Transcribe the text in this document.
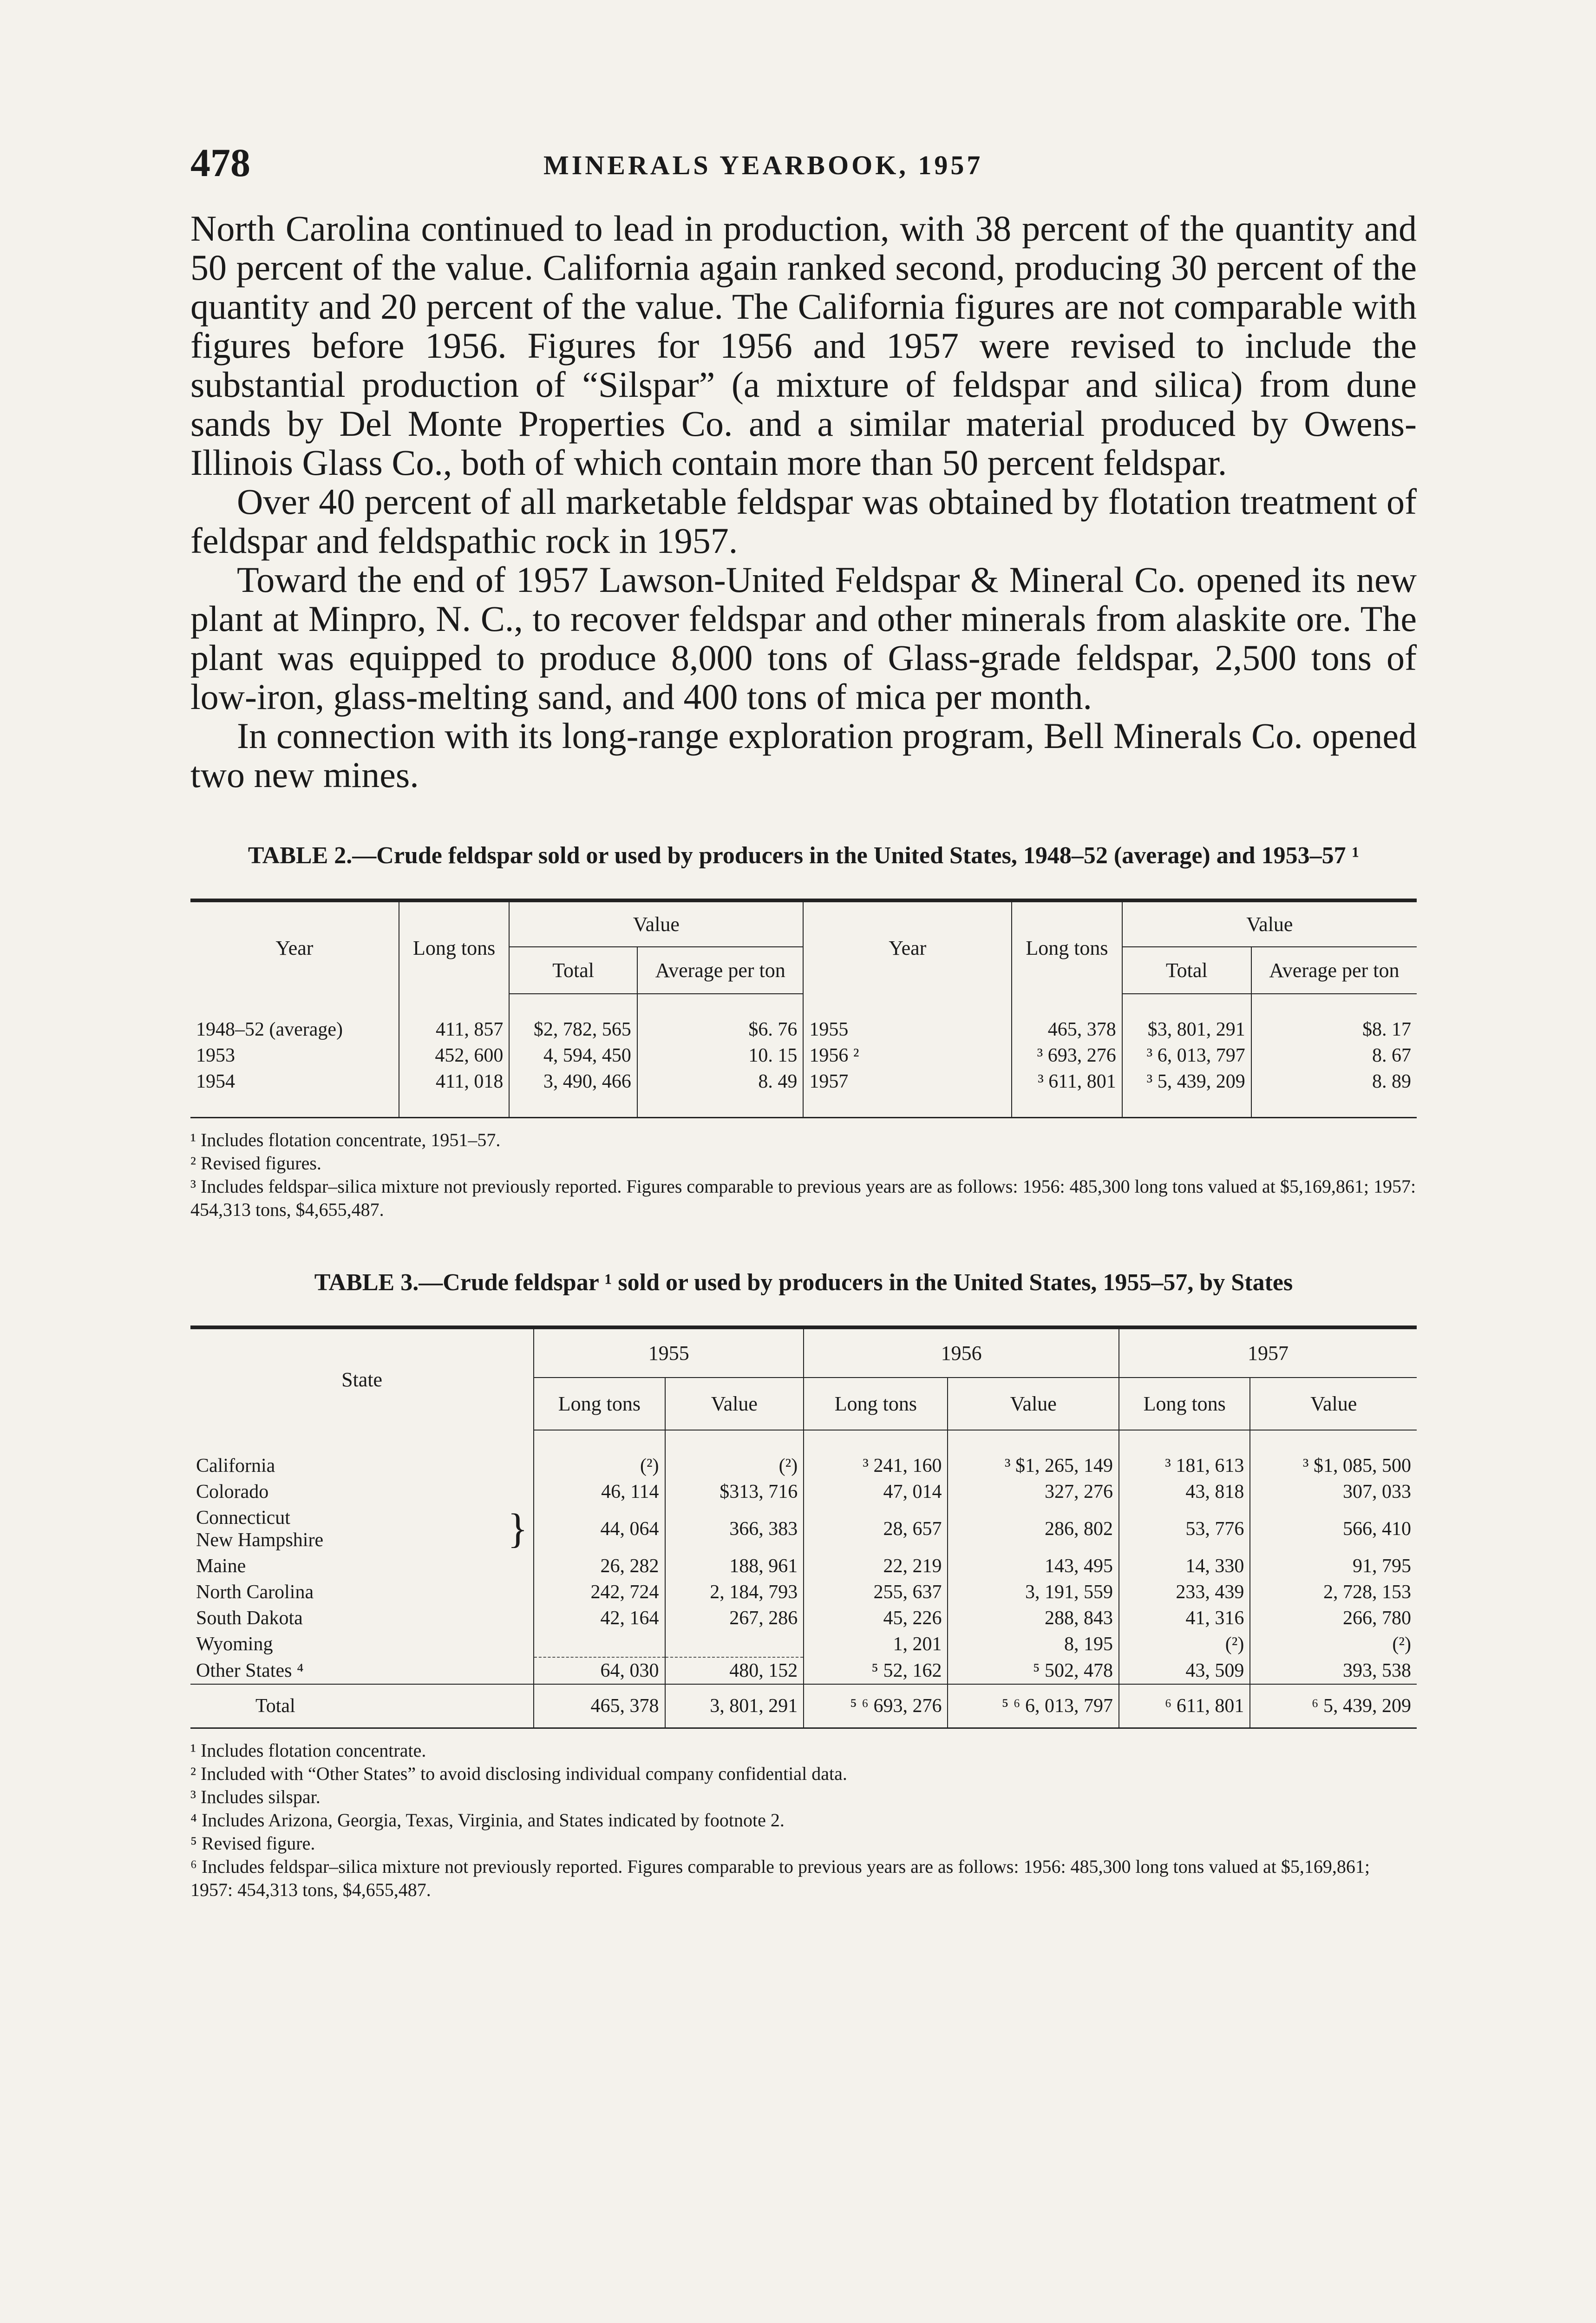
478	MINERALS YEARBOOK, 1957

North Carolina continued to lead in production, with 38 percent of the quantity and 50 percent of the value. California again ranked second, producing 30 percent of the quantity and 20 percent of the value. The California figures are not comparable with figures before 1956. Figures for 1956 and 1957 were revised to include the substantial production of “Silspar” (a mixture of feldspar and silica) from dune sands by Del Monte Properties Co. and a similar material produced by Owens-Illinois Glass Co., both of which contain more than 50 percent feldspar.

Over 40 percent of all marketable feldspar was obtained by flotation treatment of feldspar and feldspathic rock in 1957.

Toward the end of 1957 Lawson-United Feldspar & Mineral Co. opened its new plant at Minpro, N. C., to recover feldspar and other minerals from alaskite ore. The plant was equipped to produce 8,000 tons of Glass-grade feldspar, 2,500 tons of low-iron, glass-melting sand, and 400 tons of mica per month.

In connection with its long-range exploration program, Bell Minerals Co. opened two new mines.

TABLE 2.—Crude feldspar sold or used by producers in the United States, 1948–52 (average) and 1953–57 ¹
Year	Long tons	Value		Year	Long tons	Value	
		Total	Average per ton			Total	Average per ton

1948–52 (average)	411, 857	$2, 782, 565	$6. 76	1955	465, 378	$3, 801, 291	$8. 17
1953	452, 600	4, 594, 450	10. 15	1956 ²	³ 693, 276	³ 6, 013, 797	8. 67
1954	411, 018	3, 490, 466	8. 49	1957	³ 611, 801	³ 5, 439, 209	8. 89

¹ Includes flotation concentrate, 1951–57.
² Revised figures.
³ Includes feldspar–silica mixture not previously reported. Figures comparable to previous years are as follows: 1956: 485,300 long tons valued at $5,169,861; 1957: 454,313 tons, $4,655,487.
TABLE 3.—Crude feldspar ¹ sold or used by producers in the United States, 1955–57, by States
State	1955		1956		1957	
	Long tons	Value	Long tons	Value	Long tons	Value

California	(²)	(²)	³ 241, 160	³ $1, 265, 149	³ 181, 613	³ $1, 085, 500
Colorado	46, 114	$313, 716	47, 014	327, 276	43, 818	307, 033

Connecticut
New Hampshire }	44, 064	366, 383	28, 657	286, 802	53, 776	566, 410
Maine	26, 282	188, 961	22, 219	143, 495	14, 330	91, 795
North Carolina	242, 724	2, 184, 793	255, 637	3, 191, 559	233, 439	2, 728, 153
South Dakota	42, 164	267, 286	45, 226	288, 843	41, 316	266, 780
Wyoming			1, 201	8, 195	(²)	(²)
Other States ⁴	64, 030	480, 152	⁵ 52, 162	⁵ 502, 478	43, 509	393, 538
Total	465, 378	3, 801, 291	⁵ ⁶ 693, 276	⁵ ⁶ 6, 013, 797	⁶ 611, 801	⁶ 5, 439, 209
¹ Includes flotation concentrate.
² Included with “Other States” to avoid disclosing individual company confidential data.
³ Includes silspar.
⁴ Includes Arizona, Georgia, Texas, Virginia, and States indicated by footnote 2.
⁵ Revised figure.
⁶ Includes feldspar–silica mixture not previously reported. Figures comparable to previous years are as follows: 1956: 485,300 long tons valued at $5,169,861; 1957: 454,313 tons, $4,655,487.
